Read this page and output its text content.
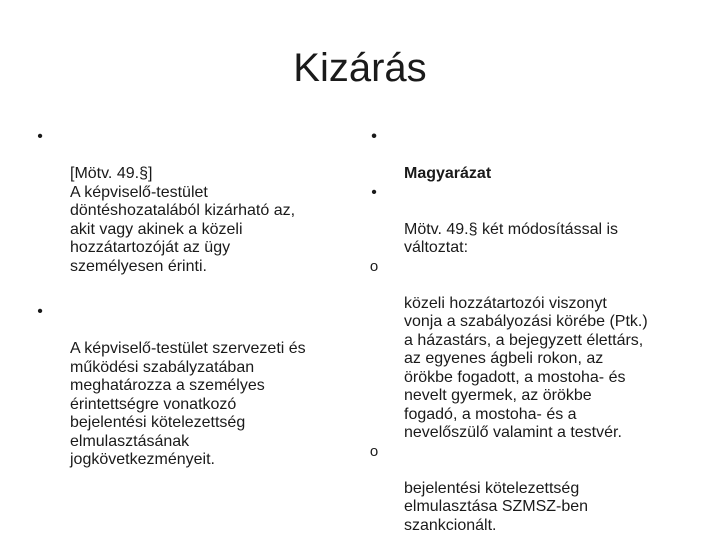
Kizárás

•

[Mötv. 49.§]
A képviselő-testület
döntéshozatalából kizárható az,
akit vagy akinek a közeli
hozzátartozóját az ügy
személyesen érinti.

•

A képviselő-testület szervezeti és
működési szabályzatában
meghatározza a személyes
érintettségre vonatkozó
bejelentési kötelezettség
elmulasztásának
jogkövetkezményeit.

•

Magyarázat

•

Mötv. 49.§ két módosítással is
változtat:

o

közeli hozzátartozói viszonyt
vonja a szabályozási körébe (Ptk.)
a házastárs, a bejegyzett élettárs,
az egyenes ágbeli rokon, az
örökbe fogadott, a mostoha- és
nevelt gyermek, az örökbe
fogadó, a mostoha- és a
nevelőszülő valamint a testvér.

o

bejelentési kötelezettség
elmulasztása SZMSZ-ben
szankcionált.
